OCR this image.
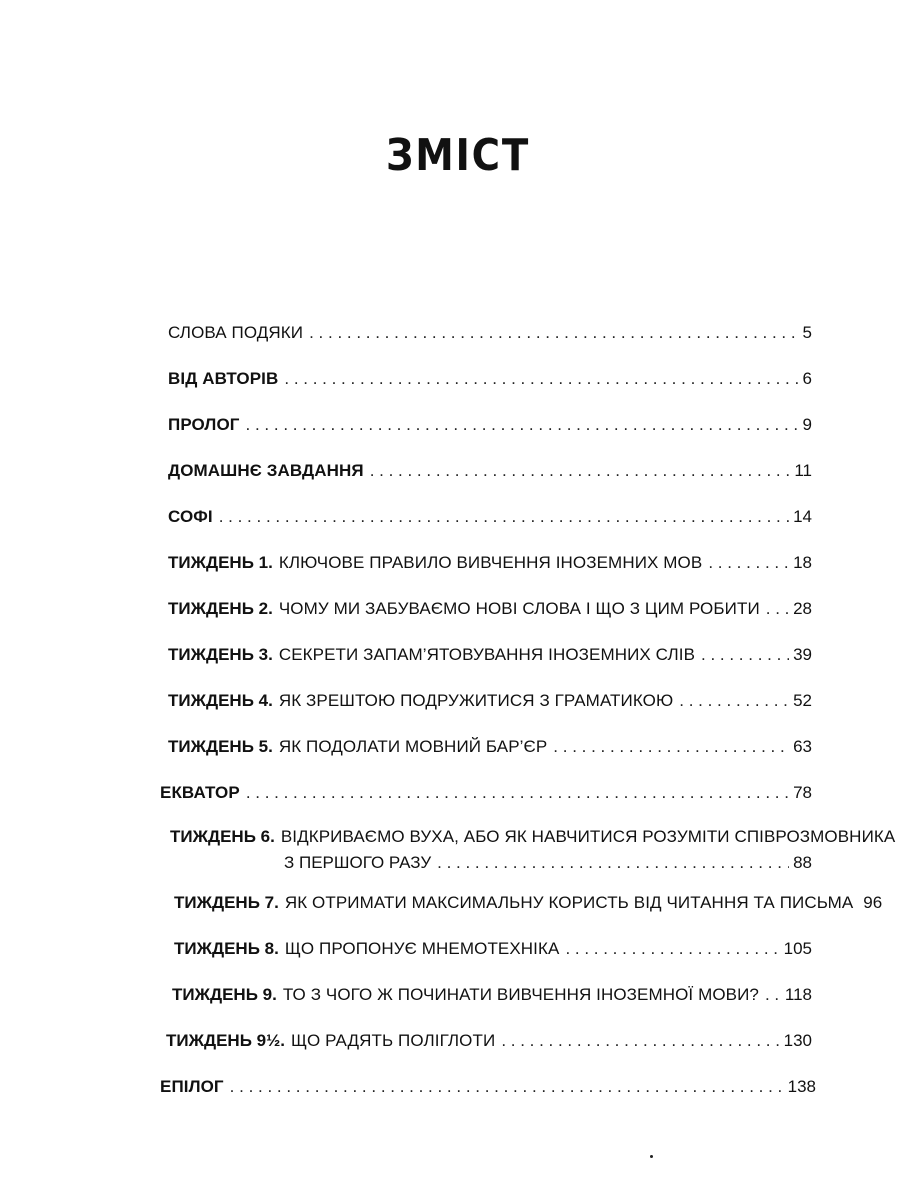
ЗМІСТ
СЛОВА ПОДЯКИ . . .	5
ВІД АВТОРІВ . . .	6
ПРОЛОГ . . .	9
ДОМАШНЄ ЗАВДАННЯ . . .	11
СОФІ . . .	14
ТИЖДЕНЬ 1. КЛЮЧОВЕ ПРАВИЛО ВИВЧЕННЯ ІНОЗЕМНИХ МОВ . . .	18
ТИЖДЕНЬ 2. ЧОМУ МИ ЗАБУВАЄМО НОВІ СЛОВА І ЩО З ЦИМ РОБИТИ . . . 28
ТИЖДЕНЬ 3. СЕКРЕТИ ЗАПАМ’ЯТОВУВАННЯ ІНОЗЕМНИХ СЛІВ . . .	39
ТИЖДЕНЬ 4. ЯК ЗРЕШТОЮ ПОДРУЖИТИСЯ З ГРАМАТИКОЮ . . .	52
ТИЖДЕНЬ 5. ЯК ПОДОЛАТИ МОВНИЙ БАР’ЄР . . .	63
ЕКВАТОР . . .	78
ТИЖДЕНЬ 6. ВІДКРИВАЄМО ВУХА, АБО ЯК НАВЧИТИСЯ РОЗУМІТИ СПІВРОЗМОВНИКА
З ПЕРШОГО РАЗУ . . .	88
ТИЖДЕНЬ 7. ЯК ОТРИМАТИ МАКСИМАЛЬНУ КОРИСТЬ ВІД ЧИТАННЯ ТА ПИСЬМА 96
ТИЖДЕНЬ 8. ЩО ПРОПОНУЄ МНЕМОТЕХНІКА . . .	105
ТИЖДЕНЬ 9. ТО З ЧОГО Ж ПОЧИНАТИ ВИВЧЕННЯ ІНОЗЕМНОЇ МОВИ? . . . 118
ТИЖДЕНЬ 9½. ЩО РАДЯТЬ ПОЛІГЛОТИ . . .	130
ЕПІЛОГ . . .	138
